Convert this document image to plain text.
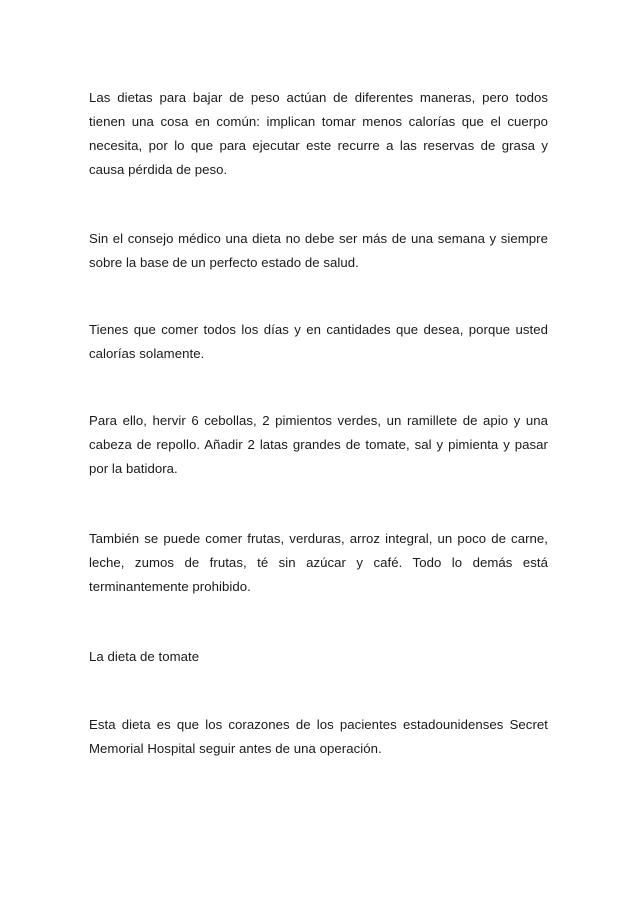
Las dietas para bajar de peso actúan de diferentes maneras, pero todos tienen una cosa en común: implican tomar menos calorías que el cuerpo necesita, por lo que para ejecutar este recurre a las reservas de grasa y causa pérdida de peso.

Sin el consejo médico una dieta no debe ser más de una semana y siempre sobre la base de un perfecto estado de salud.

Tienes que comer todos los días y en cantidades que desea, porque usted calorías solamente.

Para ello, hervir 6 cebollas, 2 pimientos verdes, un ramillete de apio y una cabeza de repollo. Añadir 2 latas grandes de tomate, sal y pimienta y pasar por la batidora.

También se puede comer frutas, verduras, arroz integral, un poco de carne, leche, zumos de frutas, té sin azúcar y café. Todo lo demás está terminantemente prohibido.

La dieta de tomate

Esta dieta es que los corazones de los pacientes estadounidenses Secret Memorial Hospital seguir antes de una operación.
